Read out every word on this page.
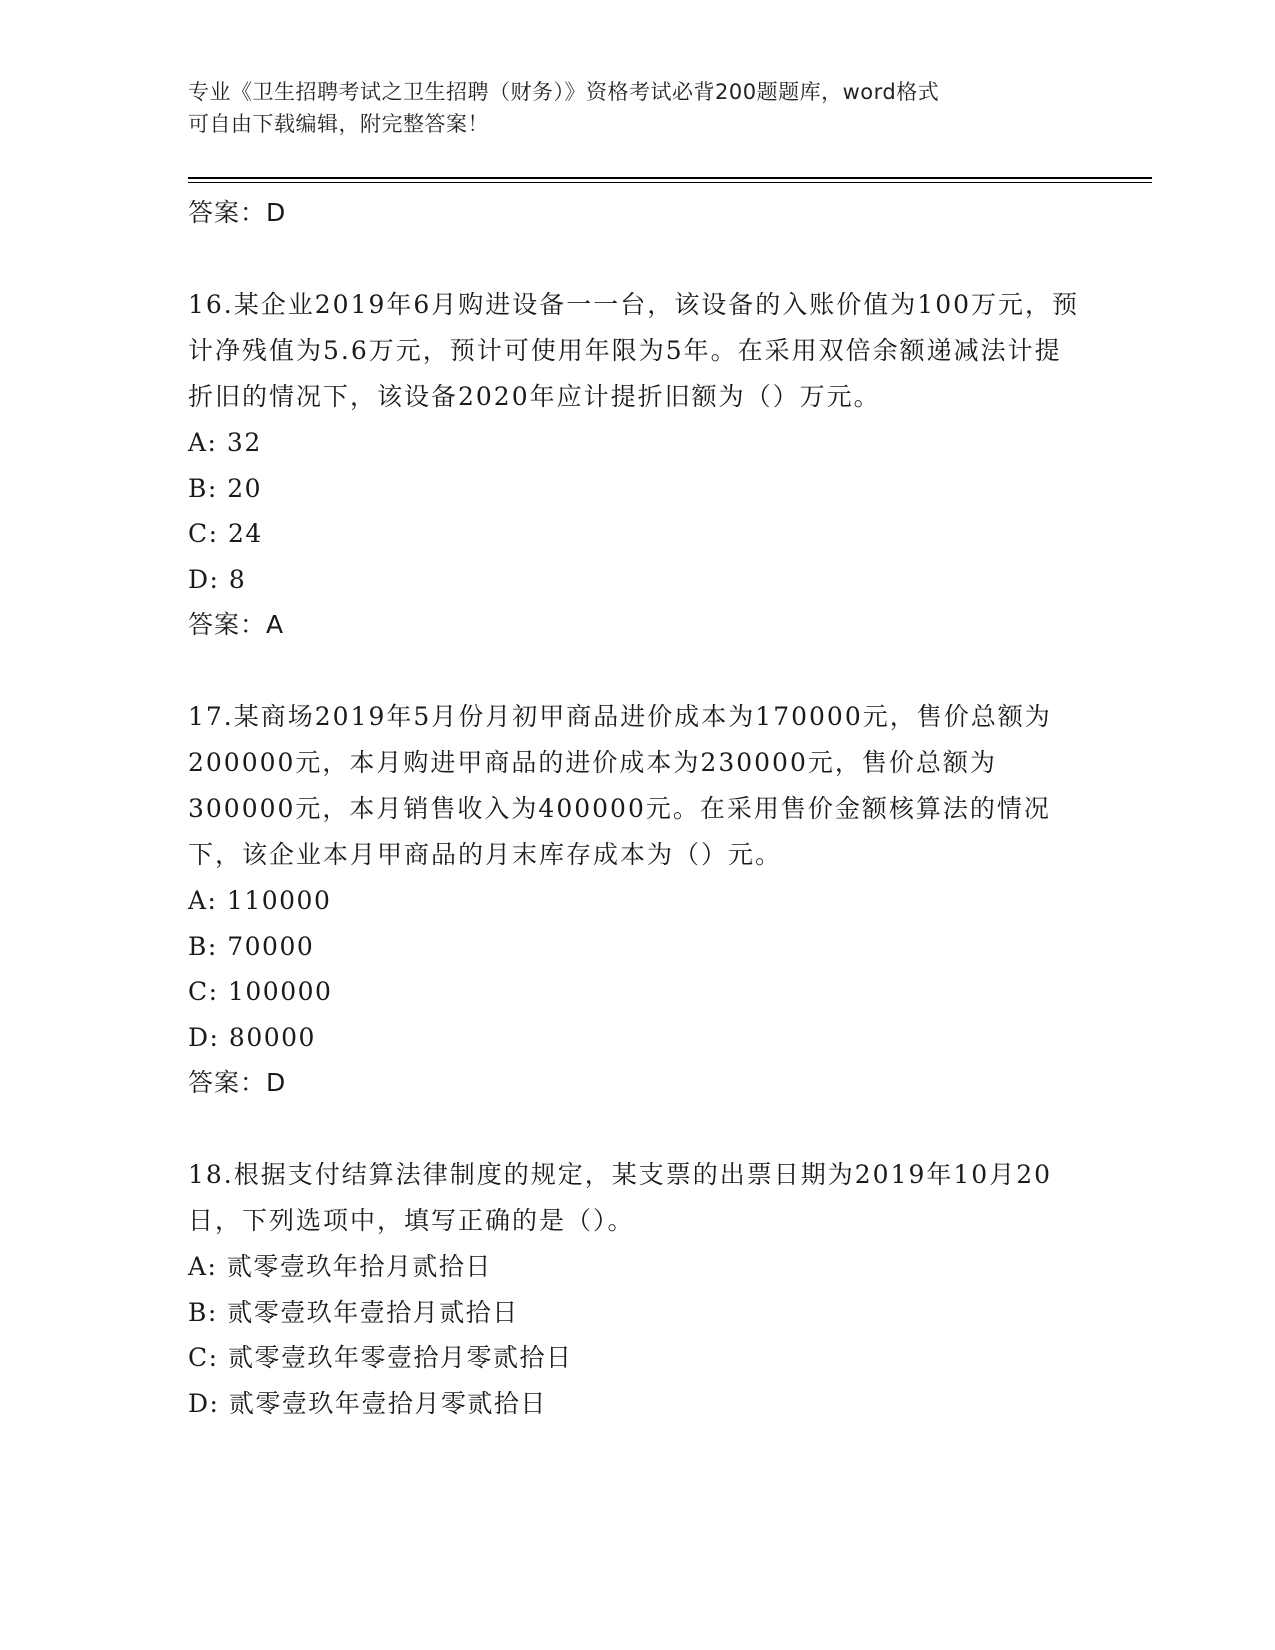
专业《卫生招聘考试之卫生招聘（财务）》资格考试必背200题题库，word格式
可自由下载编辑，附完整答案！
答案：D

16.某企业2019年6月购进设备一一台，该设备的入账价值为100万元，预计净残值为5.6万元，预计可使用年限为5年。在采用双倍余额递减法计提折旧的情况下，该设备2020年应计提折旧额为（）万元。

A: 32
B: 20
C: 24
D: 8
答案：A

17.某商场2019年5月份月初甲商品进价成本为170000元，售价总额为200000元，本月购进甲商品的进价成本为230000元，售价总额为300000元，本月销售收入为400000元。在采用售价金额核算法的情况下，该企业本月甲商品的月末库存成本为（）元。

A: 110000
B: 70000
C: 100000
D: 80000
答案：D

18.根据支付结算法律制度的规定，某支票的出票日期为2019年10月20日，下列选项中，填写正确的是（）。

A: 贰零壹玖年拾月贰拾日
B: 贰零壹玖年壹拾月贰拾日
C: 贰零壹玖年零壹拾月零贰拾日
D: 贰零壹玖年壹拾月零贰拾日
